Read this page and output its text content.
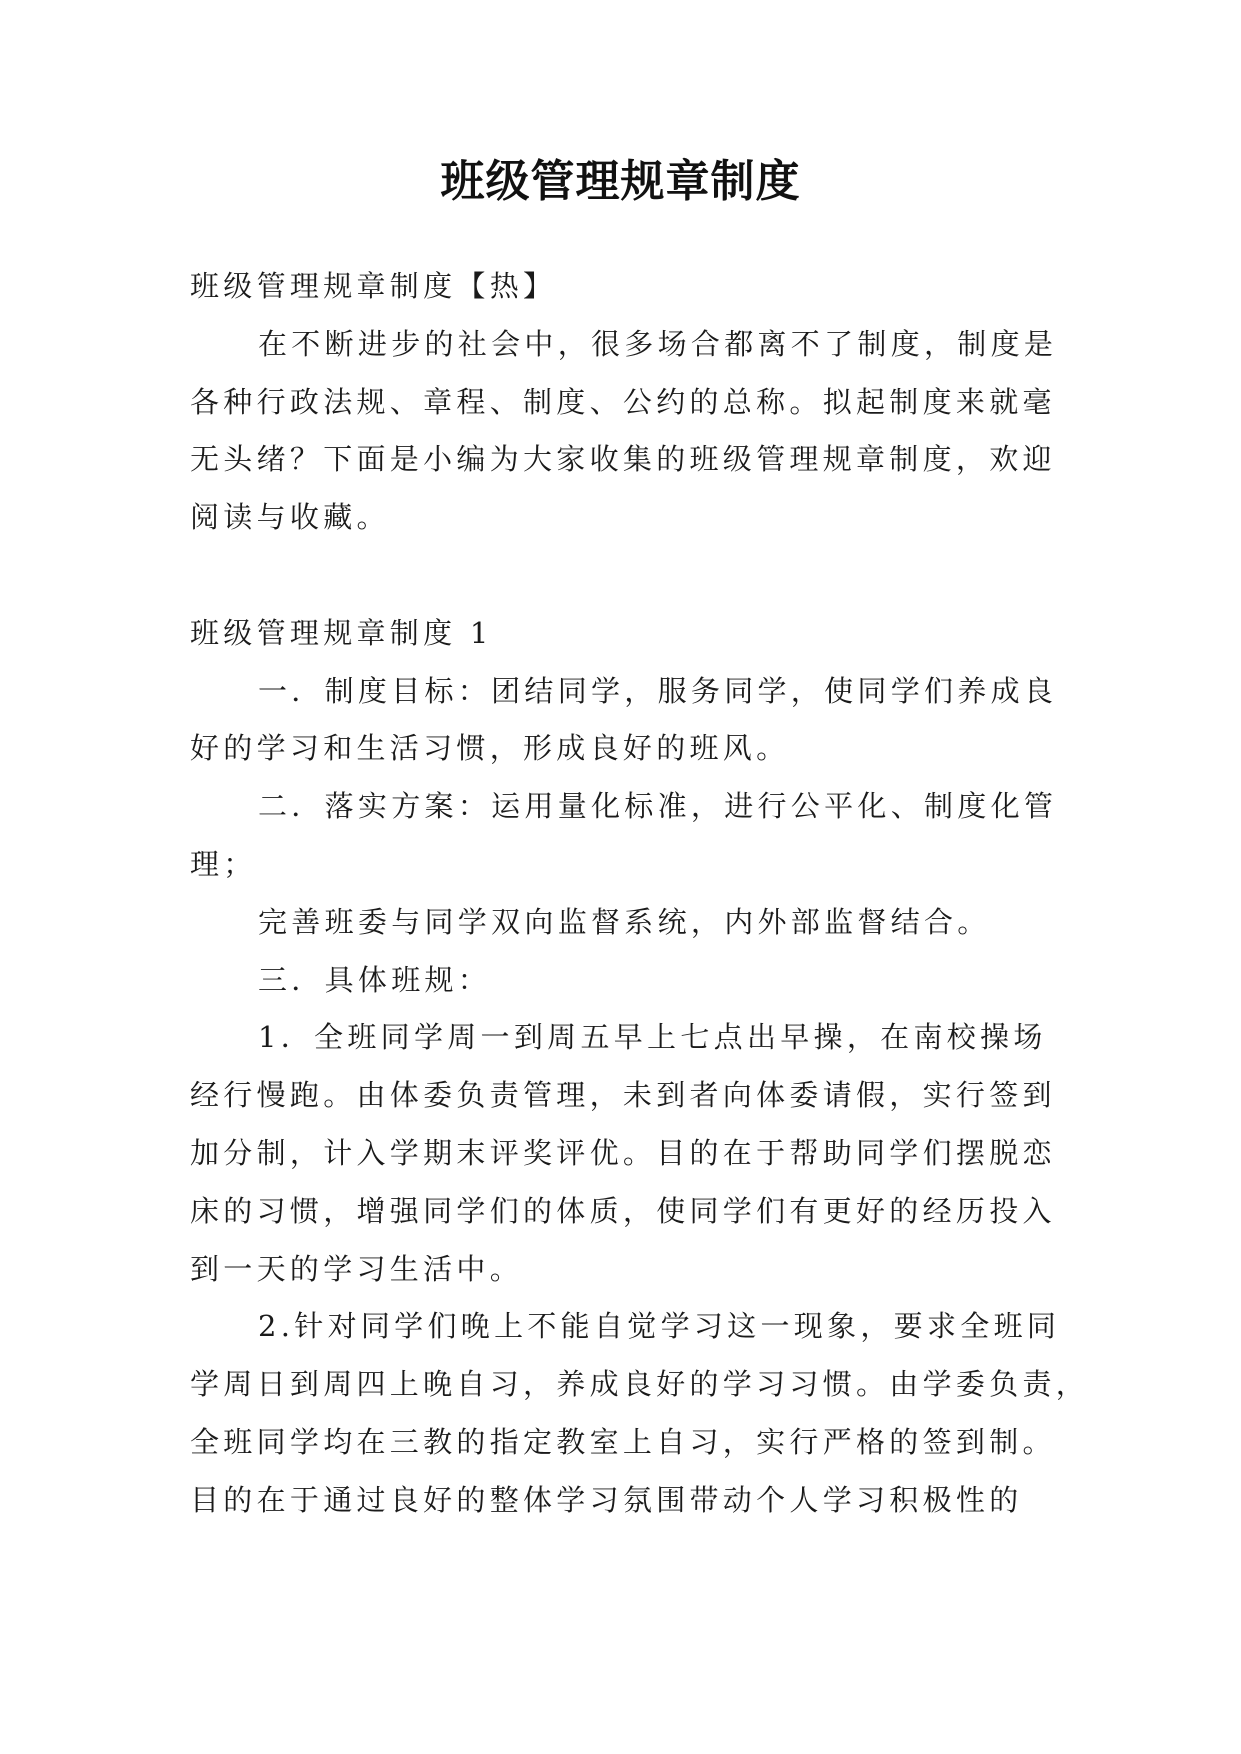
班级管理规章制度

班级管理规章制度【热】

在不断进步的社会中，很多场合都离不了制度，制度是

各种行政法规、章程、制度、公约的总称。拟起制度来就毫

无头绪？下面是小编为大家收集的班级管理规章制度，欢迎

阅读与收藏。

班级管理规章制度 1

一．制度目标：团结同学，服务同学，使同学们养成良

好的学习和生活习惯，形成良好的班风。

二．落实方案：运用量化标准，进行公平化、制度化管

理；

完善班委与同学双向监督系统，内外部监督结合。

三．具体班规：

1．全班同学周一到周五早上七点出早操，在南校操场

经行慢跑。由体委负责管理，未到者向体委请假，实行签到

加分制，计入学期末评奖评优。目的在于帮助同学们摆脱恋

床的习惯，增强同学们的体质，使同学们有更好的经历投入

到一天的学习生活中。

2.针对同学们晚上不能自觉学习这一现象，要求全班同

学周日到周四上晚自习，养成良好的学习习惯。由学委负责，

全班同学均在三教的指定教室上自习，实行严格的签到制。

目的在于通过良好的整体学习氛围带动个人学习积极性的
